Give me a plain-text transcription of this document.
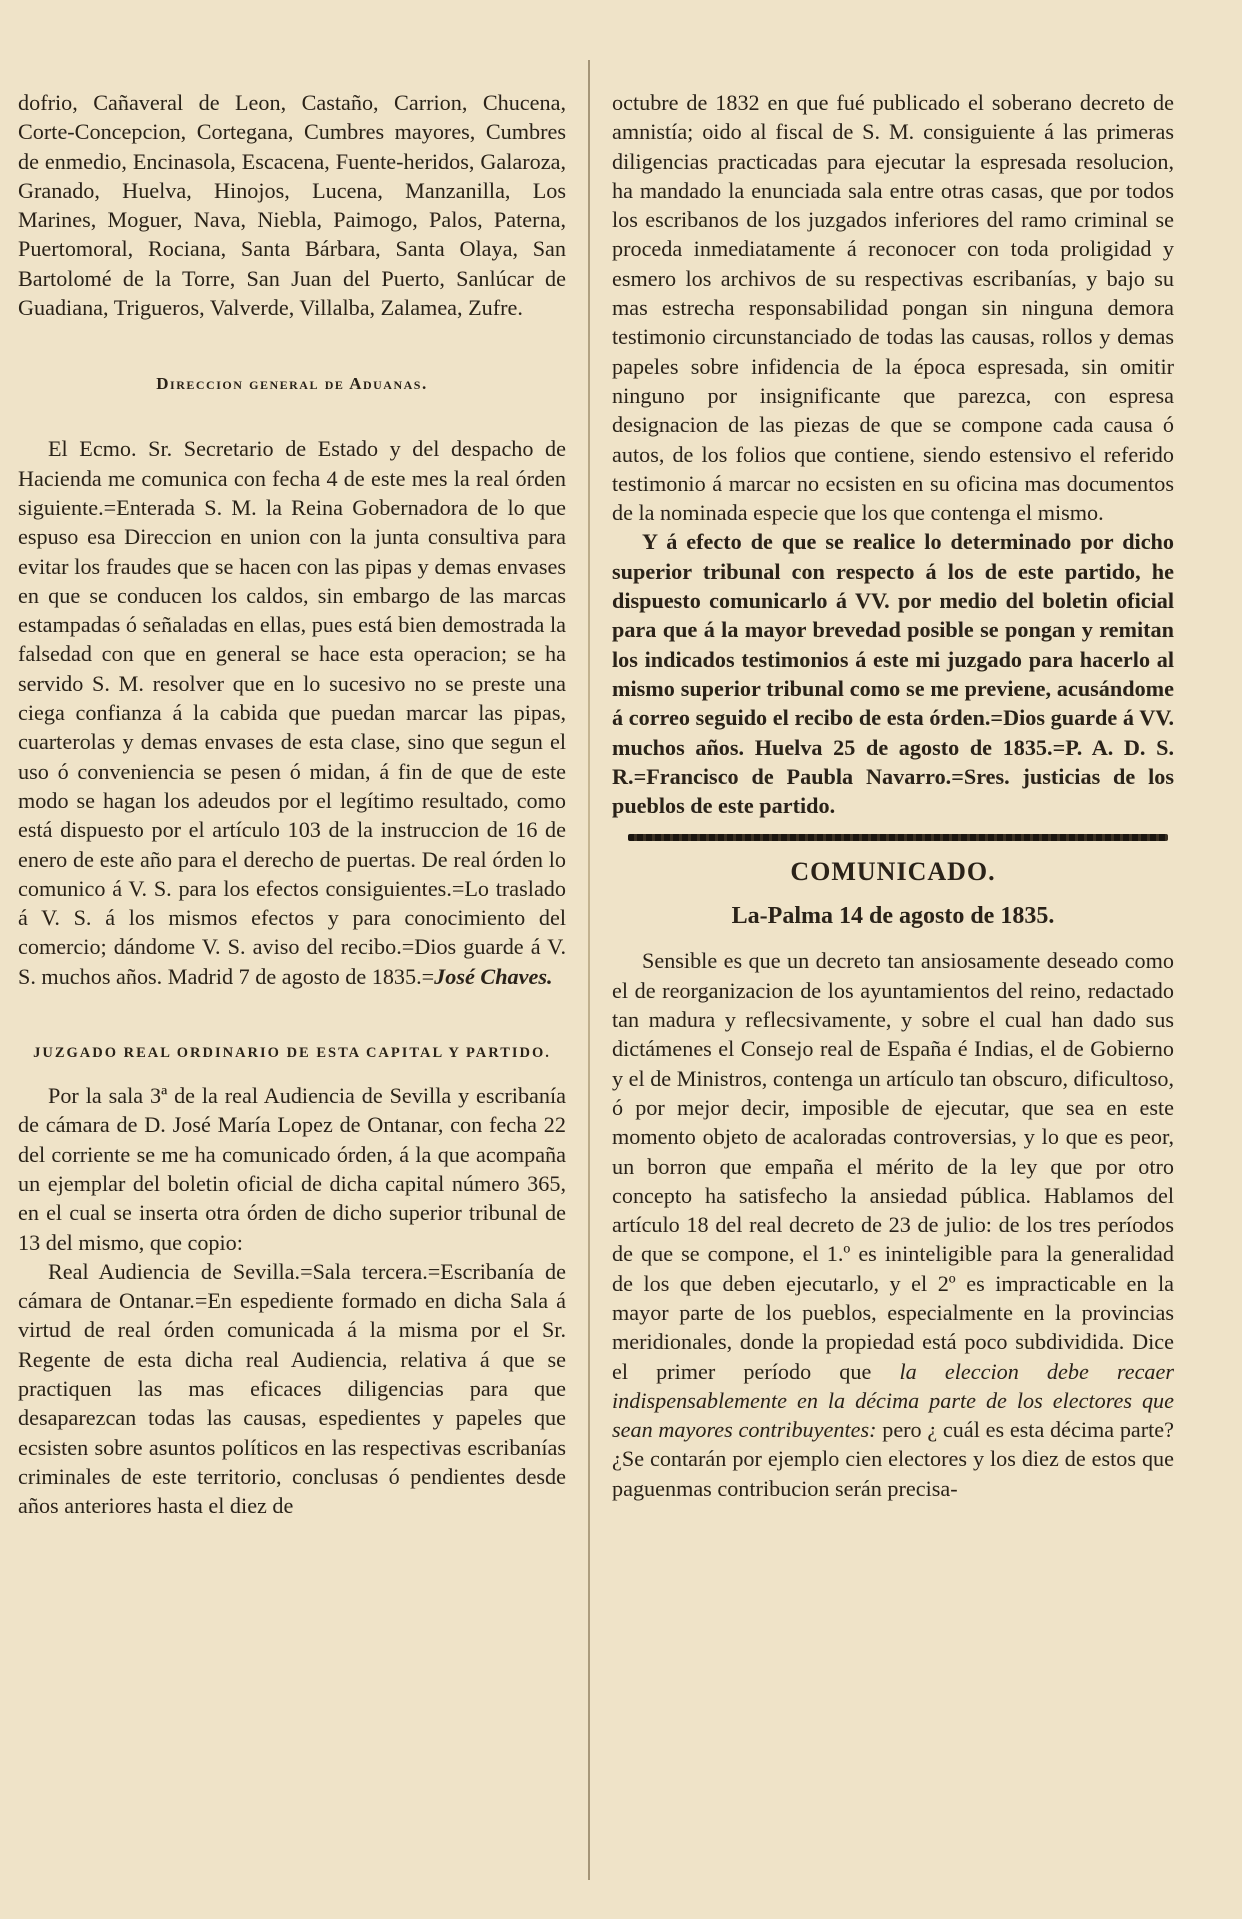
dofrio, Cañaveral de Leon, Castaño, Carrion, Chucena, Corte-Concepcion, Cortegana, Cumbres mayores, Cumbres de enmedio, Encinasola, Escacena, Fuente-heridos, Galaroza, Granado, Huelva, Hinojos, Lucena, Manzanilla, Los Marines, Moguer, Nava, Niebla, Paimogo, Palos, Paterna, Puertomoral, Rociana, Santa Bárbara, Santa Olaya, San Bartolomé de la Torre, San Juan del Puerto, Sanlúcar de Guadiana, Trigueros, Valverde, Villalba, Zalamea, Zufre.

Direccion general de Aduanas.

El Ecmo. Sr. Secretario de Estado y del despacho de Hacienda me comunica con fecha 4 de este mes la real órden siguiente.=Enterada S. M. la Reina Gobernadora de lo que espuso esa Direccion en union con la junta consultiva para evitar los fraudes que se hacen con las pipas y demas envases en que se conducen los caldos, sin embargo de las marcas estampadas ó señaladas en ellas, pues está bien demostrada la falsedad con que en general se hace esta operacion; se ha servido S. M. resolver que en lo sucesivo no se preste una ciega confianza á la cabida que puedan marcar las pipas, cuarterolas y demas envases de esta clase, sino que segun el uso ó conveniencia se pesen ó midan, á fin de que de este modo se hagan los adeudos por el legítimo resultado, como está dispuesto por el artículo 103 de la instruccion de 16 de enero de este año para el derecho de puertas. De real órden lo comunico á V. S. para los efectos consiguientes.=Lo traslado á V. S. á los mismos efectos y para conocimiento del comercio; dándome V. S. aviso del recibo.=Dios guarde á V. S. muchos años. Madrid 7 de agosto de 1835.=José Chaves.

JUZGADO REAL ORDINARIO DE ESTA CAPITAL Y PARTIDO.

Por la sala 3ª de la real Audiencia de Sevilla y escribanía de cámara de D. José María Lopez de Ontanar, con fecha 22 del corriente se me ha comunicado órden, á la que acompaña un ejemplar del boletin oficial de dicha capital número 365, en el cual se inserta otra órden de dicho superior tribunal de 13 del mismo, que copio:

Real Audiencia de Sevilla.=Sala tercera.=Escribanía de cámara de Ontanar.=En espediente formado en dicha Sala á virtud de real órden comunicada á la misma por el Sr. Regente de esta dicha real Audiencia, relativa á que se practiquen las mas eficaces diligencias para que desaparezcan todas las causas, espedientes y papeles que ecsisten sobre asuntos políticos en las respectivas escribanías criminales de este territorio, conclusas ó pendientes desde años anteriores hasta el diez de

octubre de 1832 en que fué publicado el soberano decreto de amnistía; oido al fiscal de S. M. consiguiente á las primeras diligencias practicadas para ejecutar la espresada resolucion, ha mandado la enunciada sala entre otras casas, que por todos los escribanos de los juzgados inferiores del ramo criminal se proceda inmediatamente á reconocer con toda proligidad y esmero los archivos de su respectivas escribanías, y bajo su mas estrecha responsabilidad pongan sin ninguna demora testimonio circunstanciado de todas las causas, rollos y demas papeles sobre infidencia de la época espresada, sin omitir ninguno por insignificante que parezca, con espresa designacion de las piezas de que se compone cada causa ó autos, de los folios que contiene, siendo estensivo el referido testimonio á marcar no ecsisten en su oficina mas documentos de la nominada especie que los que contenga el mismo.

Y á efecto de que se realice lo determinado por dicho superior tribunal con respecto á los de este partido, he dispuesto comunicarlo á VV. por medio del boletin oficial para que á la mayor brevedad posible se pongan y remitan los indicados testimonios á este mi juzgado para hacerlo al mismo superior tribunal como se me previene, acusándome á correo seguido el recibo de esta órden.=Dios guarde á VV. muchos años. Huelva 25 de agosto de 1835.=P. A. D. S. R.=Francisco de Paubla Navarro.=Sres. justicias de los pueblos de este partido.

COMUNICADO.
La-Palma 14 de agosto de 1835.

Sensible es que un decreto tan ansiosamente deseado como el de reorganizacion de los ayuntamientos del reino, redactado tan madura y reflecsivamente, y sobre el cual han dado sus dictámenes el Consejo real de España é Indias, el de Gobierno y el de Ministros, contenga un artículo tan obscuro, dificultoso, ó por mejor decir, imposible de ejecutar, que sea en este momento objeto de acaloradas controversias, y lo que es peor, un borron que empaña el mérito de la ley que por otro concepto ha satisfecho la ansiedad pública. Hablamos del artículo 18 del real decreto de 23 de julio: de los tres períodos de que se compone, el 1.º es ininteligible para la generalidad de los que deben ejecutarlo, y el 2º es impracticable en la mayor parte de los pueblos, especialmente en la provincias meridionales, donde la propiedad está poco subdividida. Dice el primer período que la eleccion debe recaer indispensablemente en la décima parte de los electores que sean mayores contribuyentes: pero ¿ cuál es esta décima parte? ¿Se contarán por ejemplo cien electores y los diez de estos que paguenmas contribucion serán precisa-
